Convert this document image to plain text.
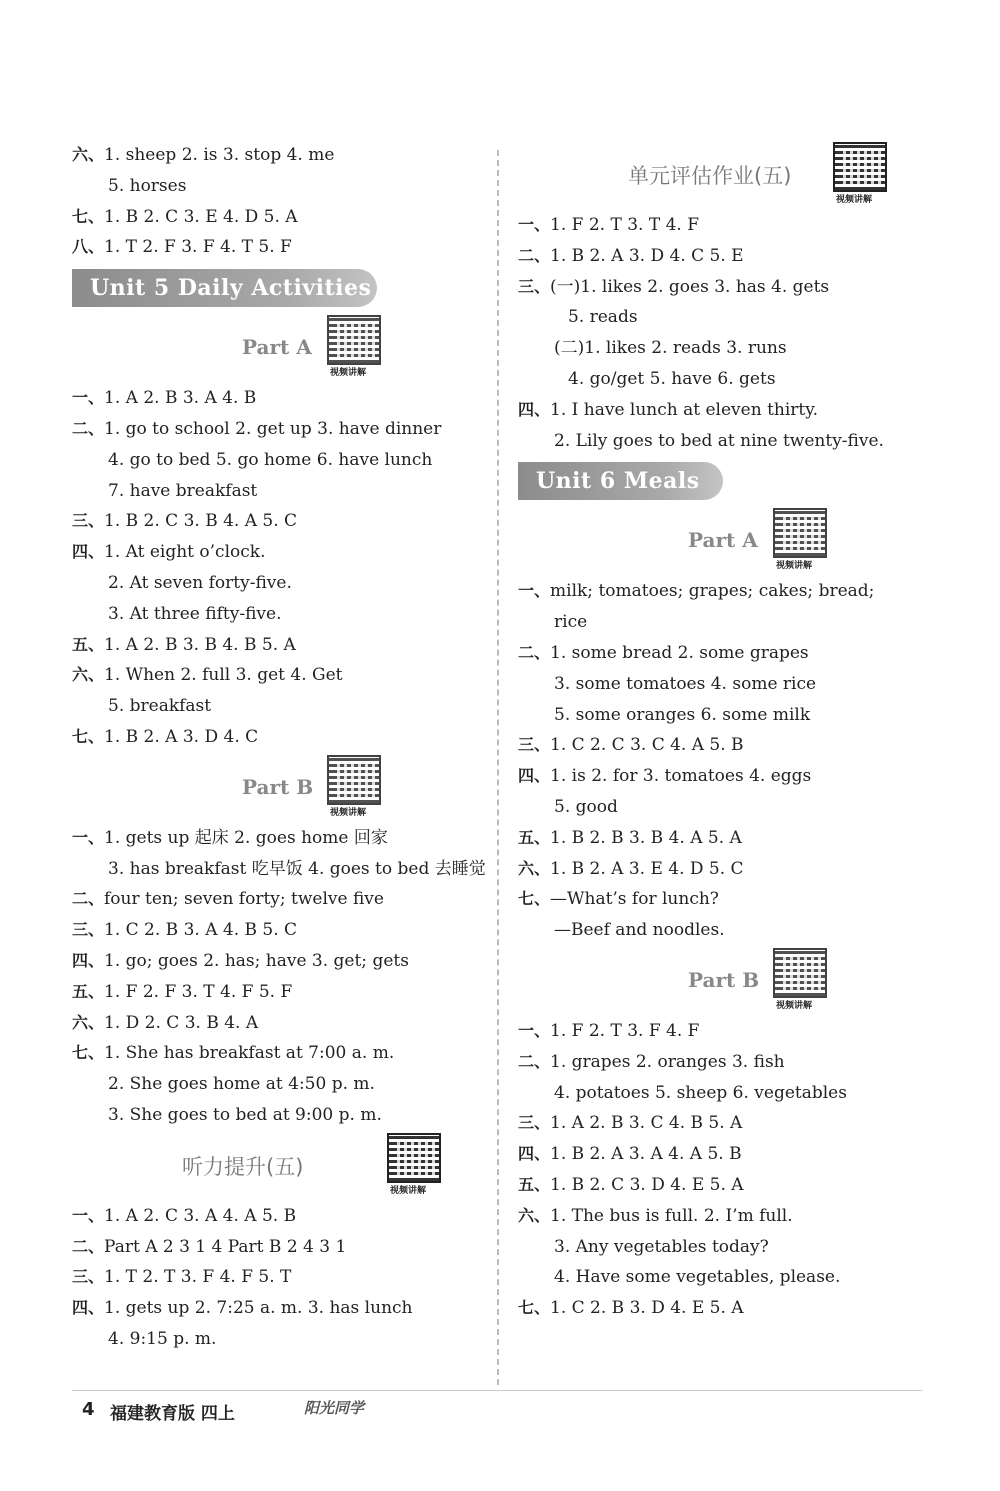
六、1. sheep 2. is 3. stop 4. me
5. horses
七、1. B 2. C 3. E 4. D 5. A
八、1. T 2. F 3. F 4. T 5. F
Unit 5 Daily Activities
Part A
视频讲解
一、1. A 2. B 3. A 4. B
二、1. go to school 2. get up 3. have dinner
4. go to bed 5. go home 6. have lunch
7. have breakfast
三、1. B 2. C 3. B 4. A 5. C
四、1. At eight o’clock.
2. At seven forty-five.
3. At three fifty-five.
五、1. A 2. B 3. B 4. B 5. A
六、1. When 2. full 3. get 4. Get
5. breakfast
七、1. B 2. A 3. D 4. C
Part B
视频讲解
一、1. gets up 起床 2. goes home 回家
3. has breakfast 吃早饭 4. goes to bed 去睡觉
二、four ten; seven forty; twelve five
三、1. C 2. B 3. A 4. B 5. C
四、1. go; goes 2. has; have 3. get; gets
五、1. F 2. F 3. T 4. F 5. F
六、1. D 2. C 3. B 4. A
七、1. She has breakfast at 7:00 a. m.
2. She goes home at 4:50 p. m.
3. She goes to bed at 9:00 p. m.
听力提升(五)
视频讲解
一、1. A 2. C 3. A 4. A 5. B
二、Part A 2 3 1 4 Part B 2 4 3 1
三、1. T 2. T 3. F 4. F 5. T
四、1. gets up 2. 7:25 a. m. 3. has lunch
4. 9:15 p. m.
单元评估作业(五)
视频讲解
一、1. F 2. T 3. T 4. F
二、1. B 2. A 3. D 4. C 5. E
三、(一)1. likes 2. goes 3. has 4. gets
5. reads
(二)1. likes 2. reads 3. runs
4. go/get 5. have 6. gets
四、1. I have lunch at eleven thirty.
2. Lily goes to bed at nine twenty-five.
Unit 6 Meals
Part A
视频讲解
一、milk; tomatoes; grapes; cakes; bread;
rice
二、1. some bread 2. some grapes
3. some tomatoes 4. some rice
5. some oranges 6. some milk
三、1. C 2. C 3. C 4. A 5. B
四、1. is 2. for 3. tomatoes 4. eggs
5. good
五、1. B 2. B 3. B 4. A 5. A
六、1. B 2. A 3. E 4. D 5. C
七、—What’s for lunch?
—Beef and noodles.
Part B
视频讲解
一、1. F 2. T 3. F 4. F
二、1. grapes 2. oranges 3. fish
4. potatoes 5. sheep 6. vegetables
三、1. A 2. B 3. C 4. B 5. A
四、1. B 2. A 3. A 4. A 5. B
五、1. B 2. C 3. D 4. E 5. A
六、1. The bus is full. 2. I’m full.
3. Any vegetables today?
4. Have some vegetables, please.
七、1. C 2. B 3. D 4. E 5. A
4 福建教育版 四上	阳光同学
